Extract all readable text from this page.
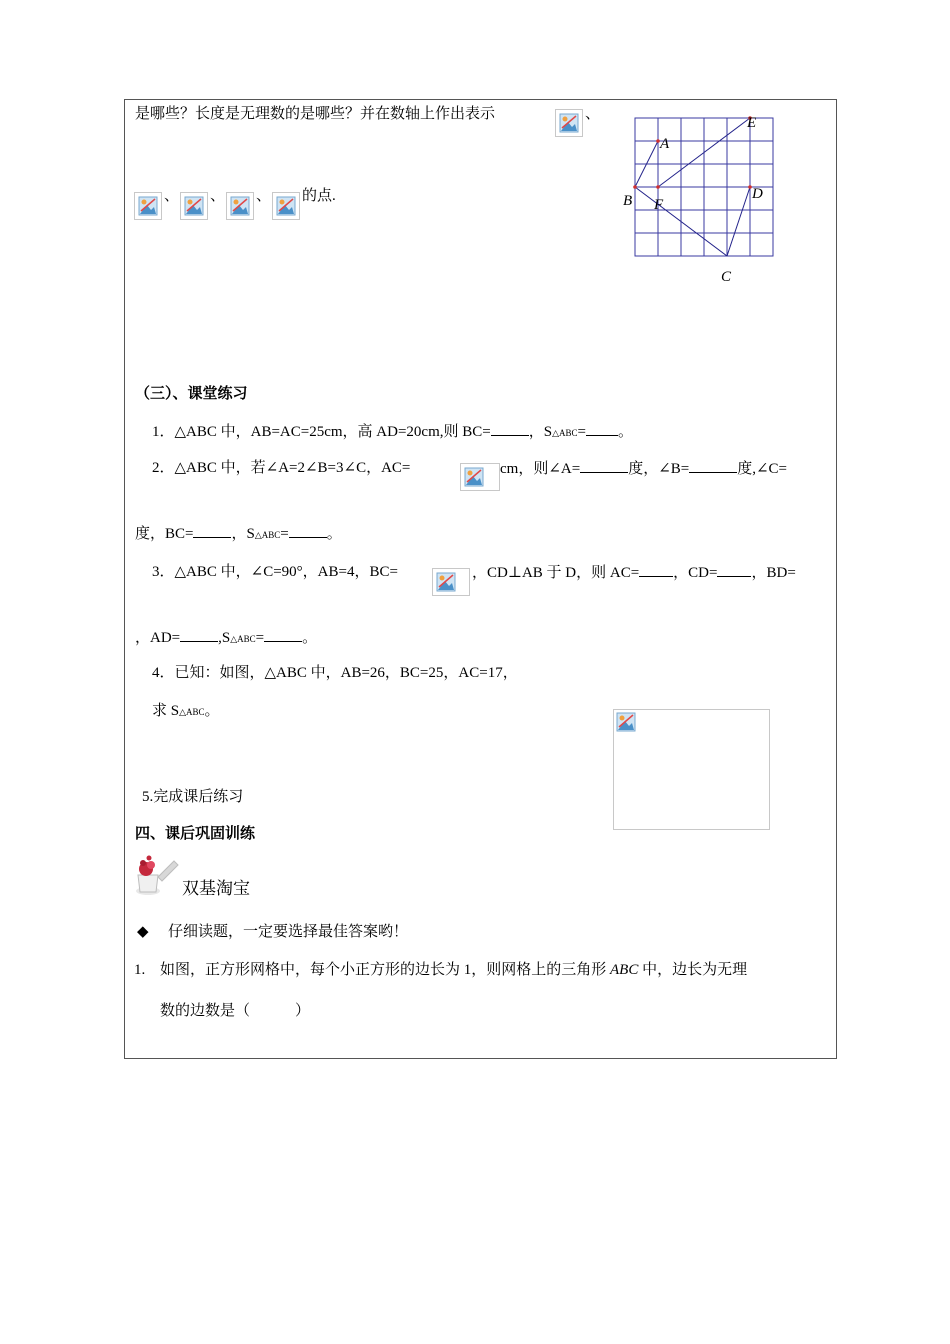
是哪些？长度是无理数的是哪些？并在数轴上作出表示	、
、 、 、 的点.
A
B
C
D
E
F
（三）、课堂练习
1．△ABC 中，AB=AC=25cm，高 AD=20cm,则 BC=	，S△ABC= 。
2．△ABC 中，若∠A=2∠B=3∠C，AC=	cm，则∠A=	度，∠B=	度,∠C=
度，BC=	，S△ABC=	。
3．△ABC 中，∠C=90°，AB=4，BC=	，CD⊥AB 于 D，则 AC= ，CD= ，BD=
，AD=	,S△ABC=	。
4．已知：如图，△ABC 中，AB=26，BC=25，AC=17，
求 S△ABC。
5.完成课后练习
四、课后巩固训练
双基淘宝
◆ 仔细读题，一定要选择最佳答案哟！
1. 如图，正方形网格中，每个小正方形的边长为 1，则网格上的三角形 ABC 中，边长为无理
数的边数是（　　　）
